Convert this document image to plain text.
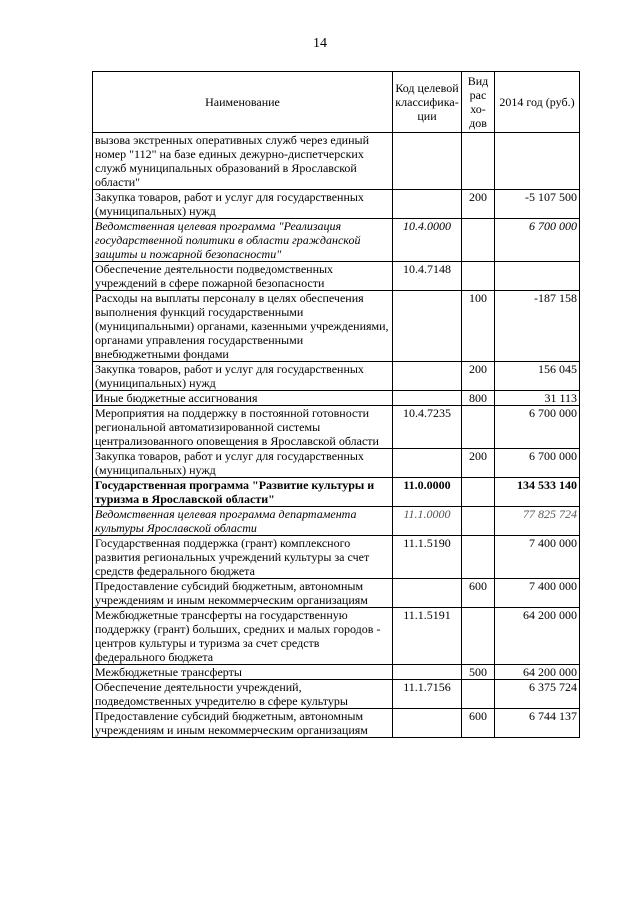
14
Наименование	Код целевой классифика-ции	Вид рас хо-дов	2014 год (руб.)
вызова экстренных оперативных служб через единый номер "112" на базе единых дежурно-диспетчерских служб муниципальных образований в Ярославской области"			
Закупка товаров, работ и услуг для государственных (муниципальных) нужд		200	-5 107 500
Ведомственная целевая программа "Реализация государственной политики в области гражданской защиты и пожарной безопасности"	10.4.0000		6 700 000
Обеспечение деятельности подведомственных учреждений в сфере пожарной безопасности	10.4.7148		
Расходы на выплаты персоналу в целях обеспечения выполнения функций государственными (муниципальными) органами, казенными учреждениями, органами управления государственными внебюджетными фондами		100	-187 158
Закупка товаров, работ и услуг для государственных (муниципальных) нужд		200	156 045
Иные бюджетные ассигнования		800	31 113
Мероприятия на поддержку в постоянной готовности региональной автоматизированной системы централизованного оповещения в Ярославской области	10.4.7235		6 700 000
Закупка товаров, работ и услуг для государственных (муниципальных) нужд		200	6 700 000
Государственная программа "Развитие культуры и туризма в Ярославской области"	11.0.0000		134 533 140
Ведомственная целевая программа департамента культуры Ярославской области	11.1.0000		77 825 724
Государственная поддержка (грант) комплексного развития региональных учреждений культуры за счет средств федерального бюджета	11.1.5190		7 400 000
Предоставление субсидий бюджетным, автономным учреждениям и иным некоммерческим организациям		600	7 400 000
Межбюджетные трансферты на государственную поддержку (грант) больших, средних и малых городов - центров культуры и туризма за счет средств федерального бюджета	11.1.5191		64 200 000
Межбюджетные трансферты		500	64 200 000
Обеспечение деятельности учреждений, подведомственных учредителю в сфере культуры	11.1.7156		6 375 724
Предоставление субсидий бюджетным, автономным учреждениям и иным некоммерческим организациям		600	6 744 137
